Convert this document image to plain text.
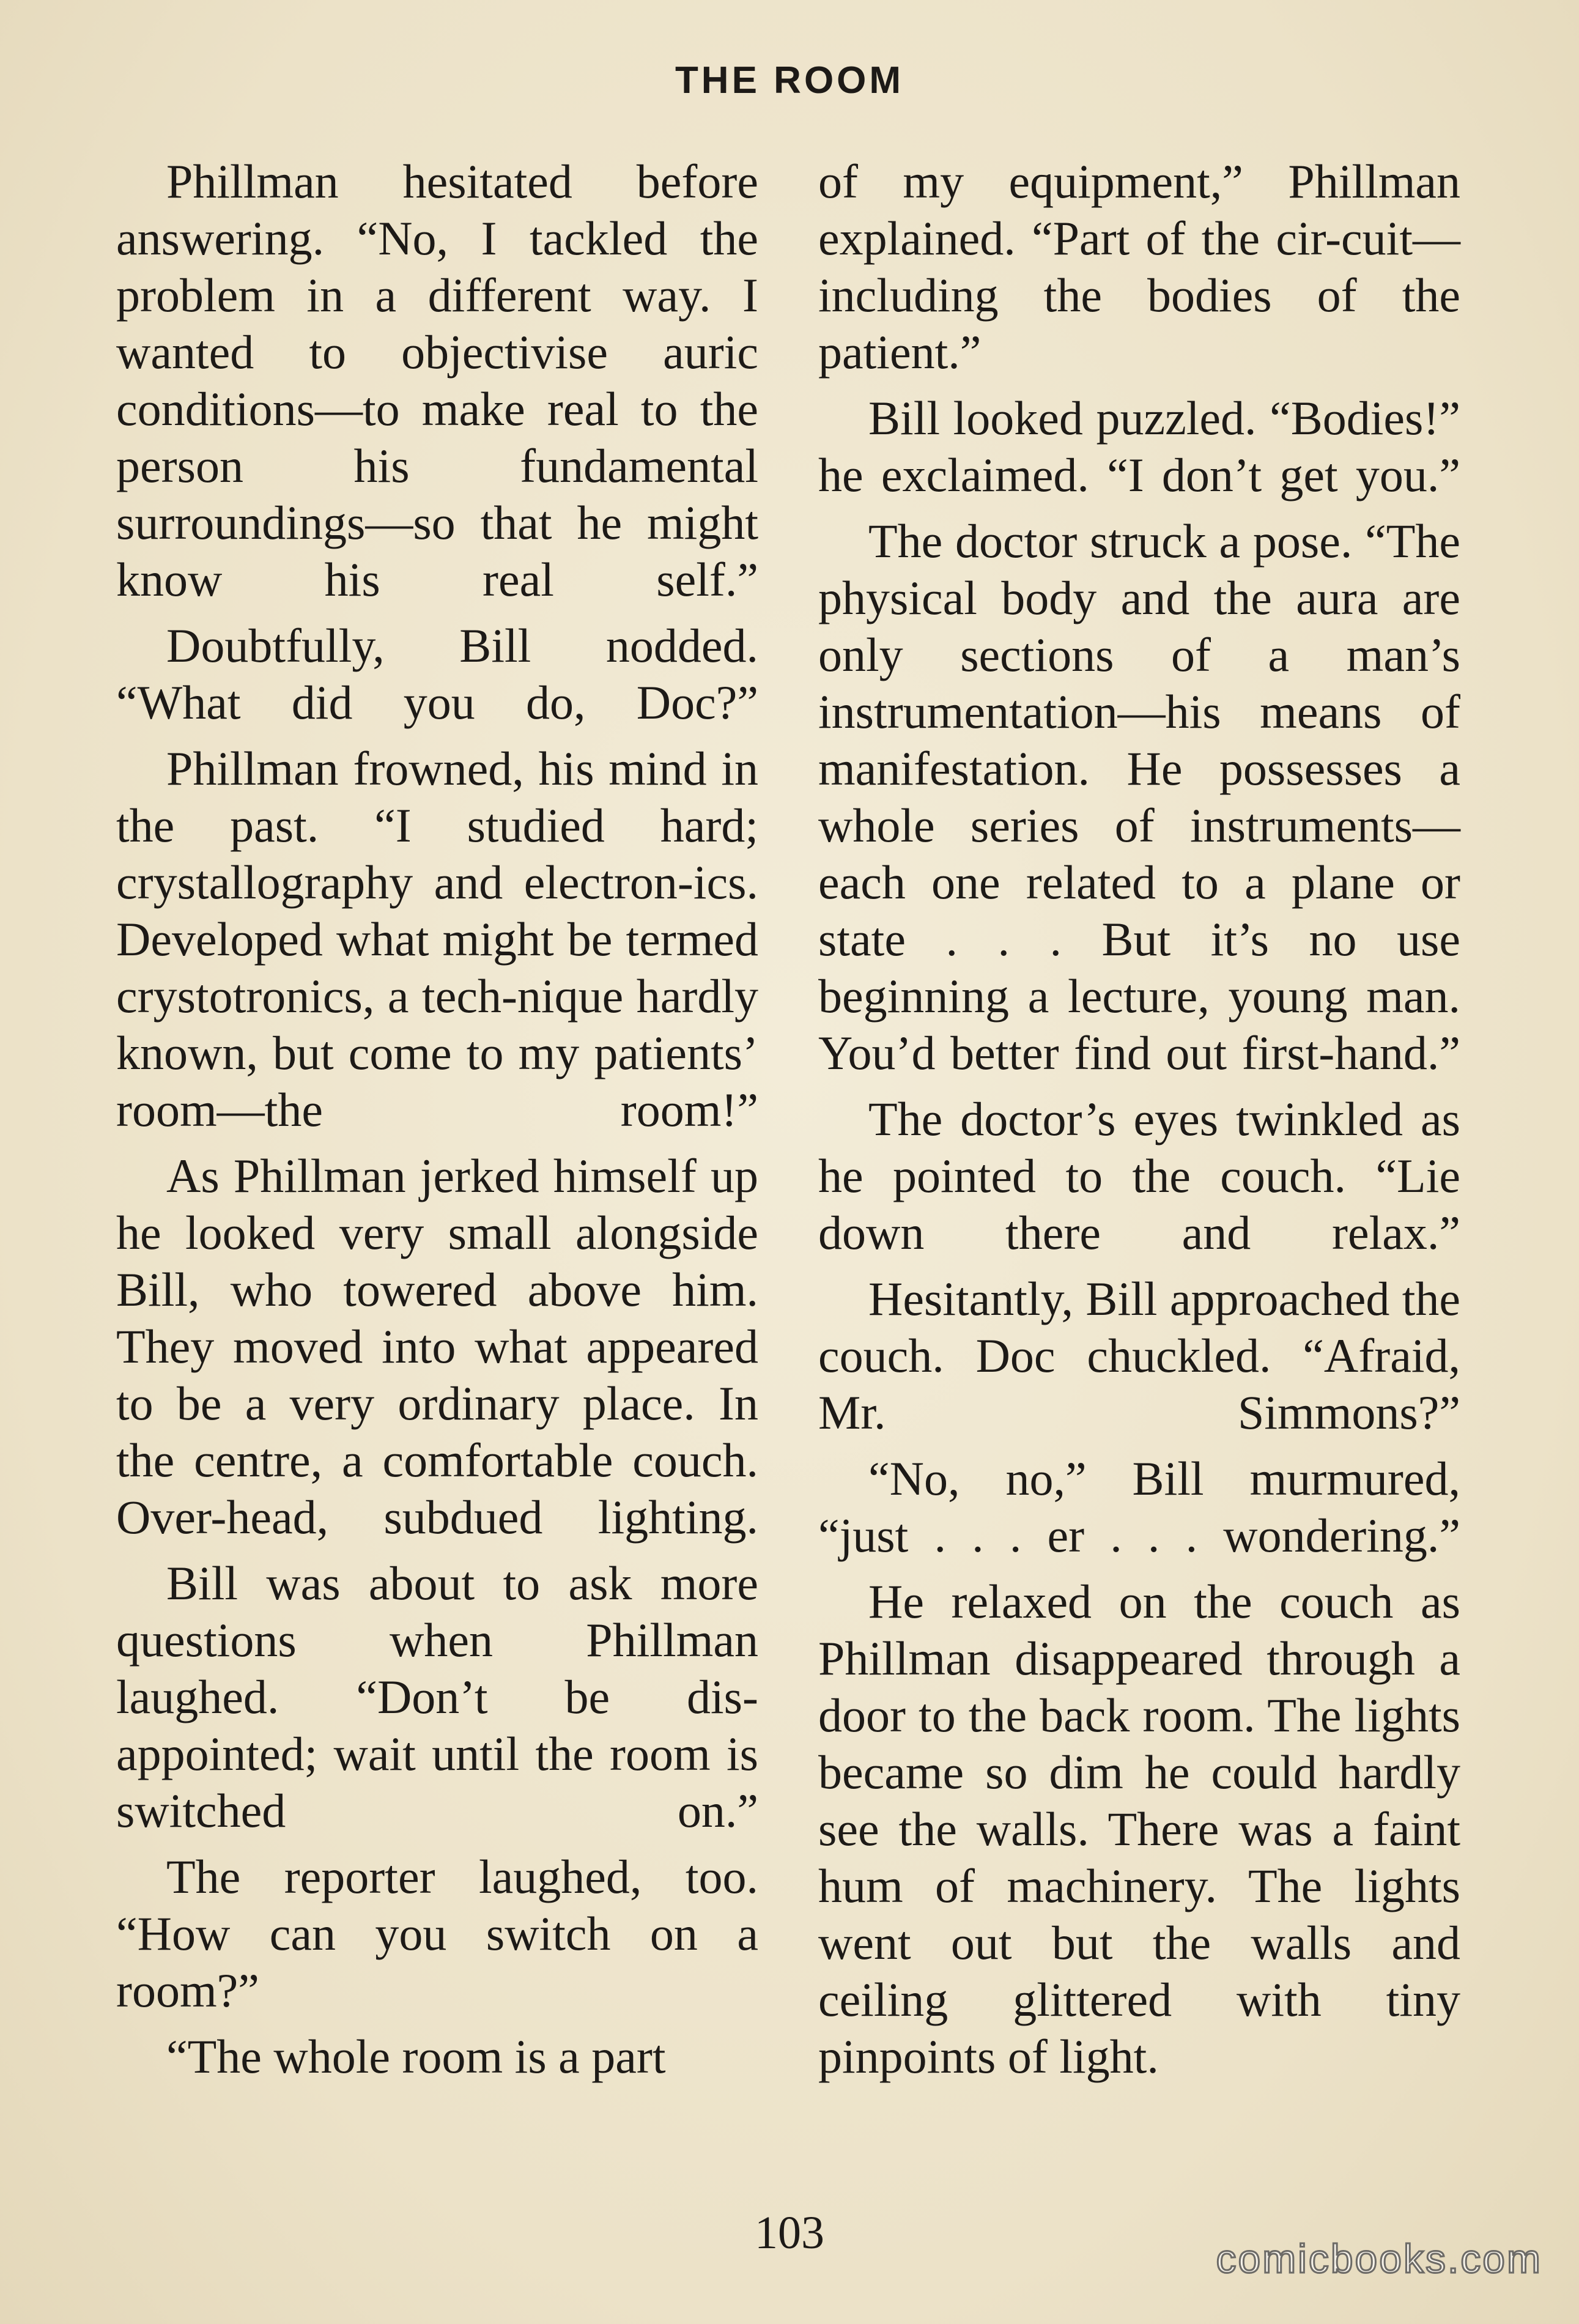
THE ROOM

Phillman hesitated before answering. “No, I tackled the problem in a different way. I wanted to objectivise auric conditions—to make real to the person his fundamental surroundings—so that he might know his real self.”

Doubtfully, Bill nodded. “What did you do, Doc?”

Phillman frowned, his mind in the past. “I studied hard; crystallography and electron-ics. Developed what might be termed crystotronics, a tech-nique hardly known, but come to my patients’ room—the room!”

As Phillman jerked himself up he looked very small alongside Bill, who towered above him. They moved into what appeared to be a very ordinary place. In the centre, a comfortable couch. Over-head, subdued lighting.

Bill was about to ask more questions when Phillman laughed. “Don’t be dis-appointed; wait until the room is switched on.”

The reporter laughed, too. “How can you switch on a room?”

“The whole room is a part

of my equipment,” Phillman explained. “Part of the cir-cuit—including the bodies of the patient.”

Bill looked puzzled. “Bodies!” he exclaimed. “I don’t get you.”

The doctor struck a pose. “The physical body and the aura are only sections of a man’s instrumentation—his means of manifestation. He possesses a whole series of instruments—each one related to a plane or state . . . But it’s no use beginning a lecture, young man. You’d better find out first-hand.”

The doctor’s eyes twinkled as he pointed to the couch. “Lie down there and relax.”

Hesitantly, Bill approached the couch. Doc chuckled. “Afraid, Mr. Simmons?”

“No, no,” Bill murmured, “just . . . er . . . wondering.”

He relaxed on the couch as Phillman disappeared through a door to the back room. The lights became so dim he could hardly see the walls. There was a faint hum of machinery. The lights went out but the walls and ceiling glittered with tiny pinpoints of light.

103	comicbooks.com
